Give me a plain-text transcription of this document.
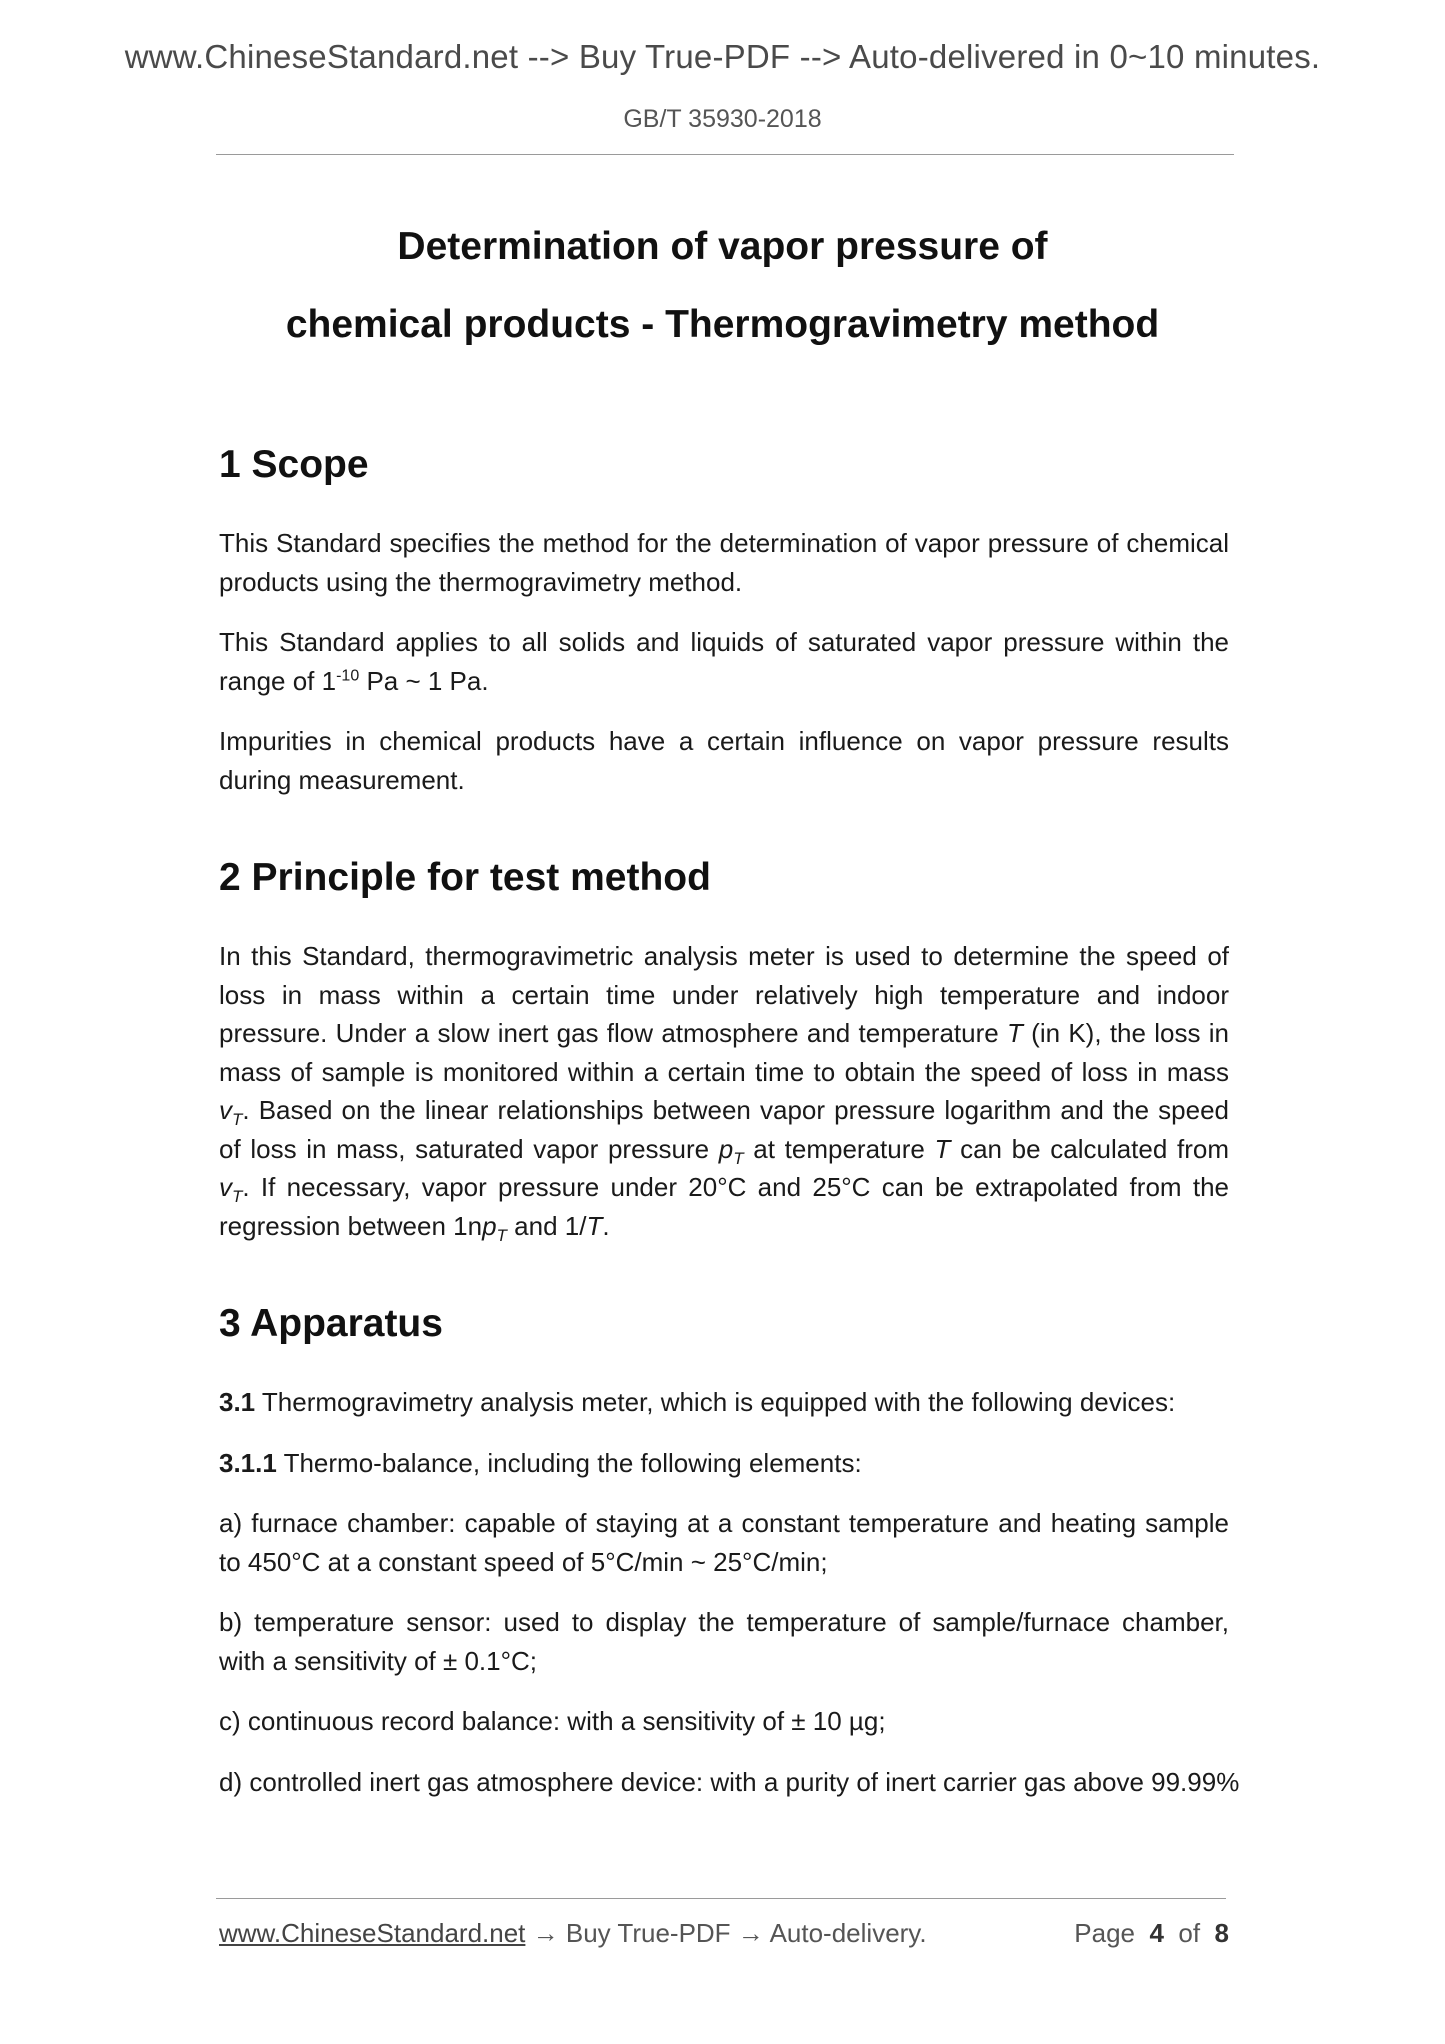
www.ChineseStandard.net --> Buy True-PDF --> Auto-delivered in 0~10 minutes.
GB/T 35930-2018
Determination of vapor pressure of
chemical products - Thermogravimetry method
1 Scope

This Standard specifies the method for the determination of vapor pressure of chemical products using the thermogravimetry method.

This Standard applies to all solids and liquids of saturated vapor pressure within the range of $1^{-10}$ Pa ~ 1 Pa.

Impurities in chemical products have a certain influence on vapor pressure results during measurement.

2 Principle for test method

In this Standard, thermogravimetric analysis meter is used to determine the speed of loss in mass within a certain time under relatively high temperature and indoor pressure. Under a slow inert gas flow atmosphere and temperature T (in K), the loss in mass of sample is monitored within a certain time to obtain the speed of loss in mass $v_T$. Based on the linear relationships between vapor pressure logarithm and the speed of loss in mass, saturated vapor pressure $p_T$ at temperature T can be calculated from $v_T$. If necessary, vapor pressure under 20°C and 25°C can be extrapolated from the regression between $1np_T$ and 1/T.

3 Apparatus

3.1 Thermogravimetry analysis meter, which is equipped with the following devices:

3.1.1 Thermo-balance, including the following elements:

a) furnace chamber: capable of staying at a constant temperature and heating sample to 450°C at a constant speed of 5°C/min ~ 25°C/min;

b) temperature sensor: used to display the temperature of sample/furnace chamber, with a sensitivity of ± 0.1°C;

c) continuous record balance: with a sensitivity of ± 10 µg;

d) controlled inert gas atmosphere device: with a purity of inert carrier gas above 99.99%

www.ChineseStandard.net → Buy True-PDF → Auto-delivery.	Page 4 of 8
